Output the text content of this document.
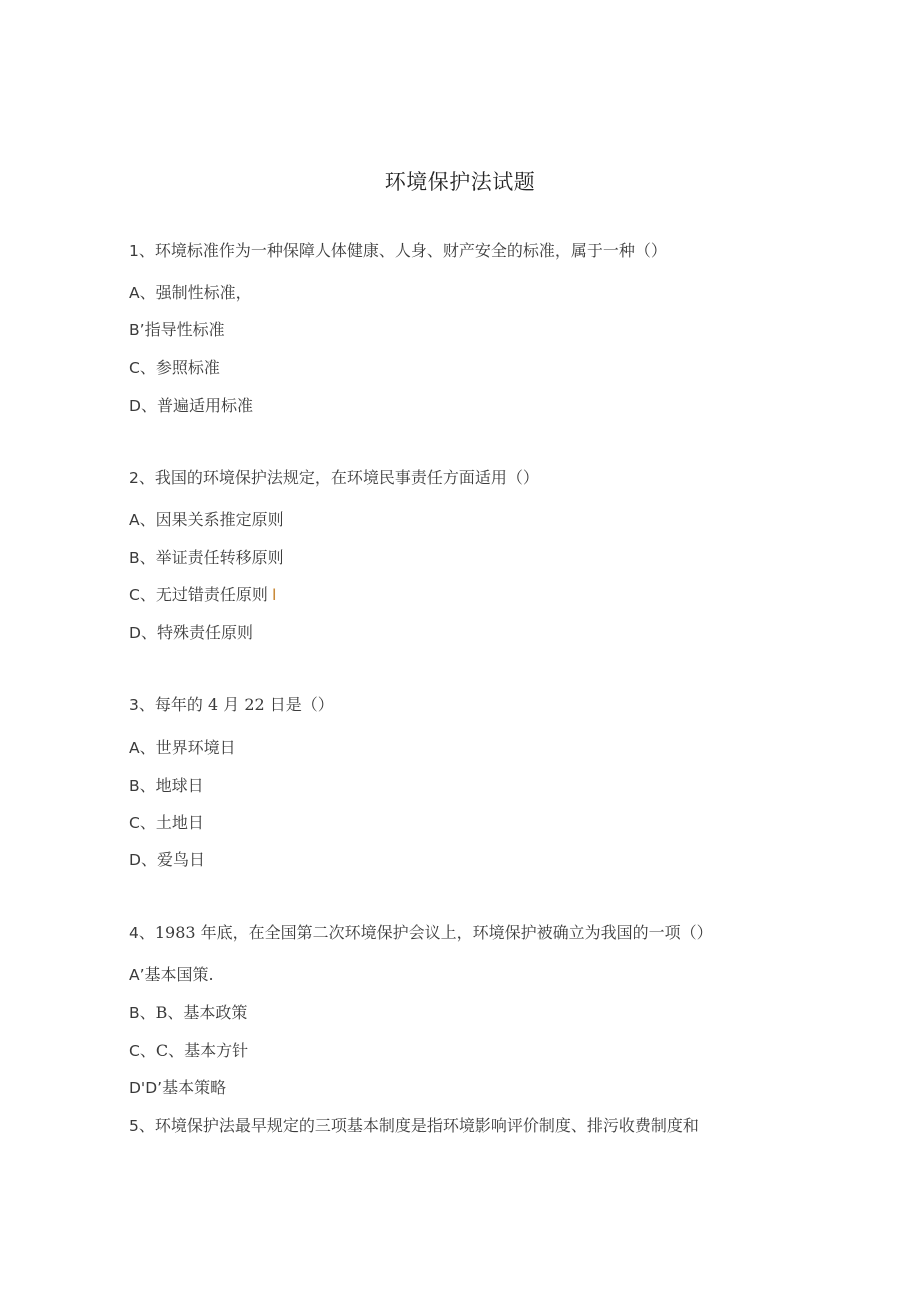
环境保护法试题
1、环境标准作为一种保障人体健康、人身、财产安全的标准，属于一种（）
A、强制性标准，
B’指导性标准
C、参照标准
D、普遍适用标准
2、我国的环境保护法规定，在环境民事责任方面适用（）
A、因果关系推定原则
B、举证责任转移原则
C、无过错责任原则 I
D、特殊责任原则
3、每年的 4 月 22 日是（）
A、世界环境日
B、地球日
C、土地日
D、爱鸟日
4、1983 年底，在全国第二次环境保护会议上，环境保护被确立为我国的一项（）
A’基本国策.
B、B、基本政策
C、C、基本方针
D'D’基本策略
5、环境保护法最早规定的三项基本制度是指环境影响评价制度、排污收费制度和
